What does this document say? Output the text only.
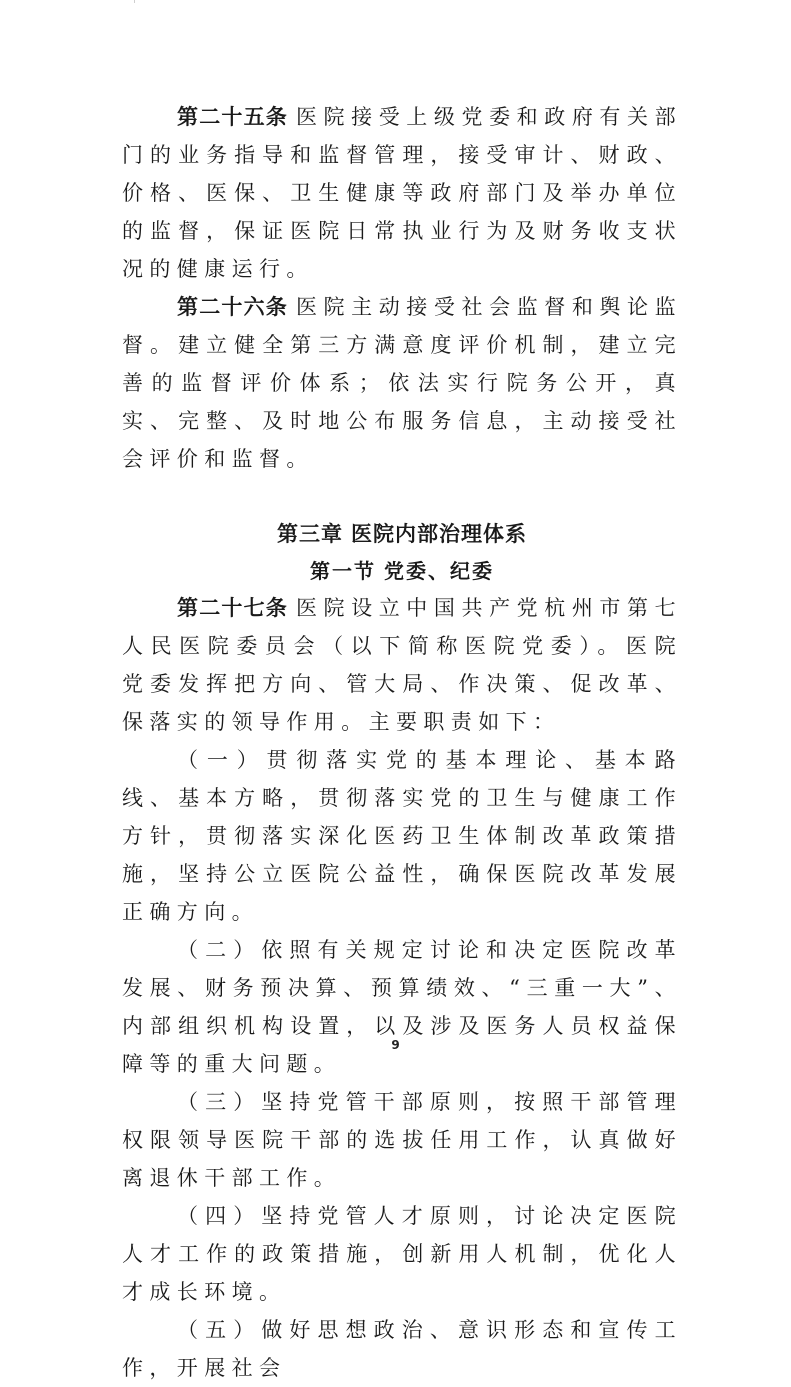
第二十五条 医院接受上级党委和政府有关部门的业务指导和监督管理，接受审计、财政、价格、医保、卫生健康等政府部门及举办单位的监督，保证医院日常执业行为及财务收支状况的健康运行。

第二十六条 医院主动接受社会监督和舆论监督。建立健全第三方满意度评价机制，建立完善的监督评价体系；依法实行院务公开，真实、完整、及时地公布服务信息，主动接受社会评价和监督。

第三章 医院内部治理体系
第一节 党委、纪委

第二十七条 医院设立中国共产党杭州市第七人民医院委员会（以下简称医院党委）。医院党委发挥把方向、管大局、作决策、促改革、保落实的领导作用。主要职责如下：

（一）贯彻落实党的基本理论、基本路线、基本方略，贯彻落实党的卫生与健康工作方针，贯彻落实深化医药卫生体制改革政策措施，坚持公立医院公益性，确保医院改革发展正确方向。

（二）依照有关规定讨论和决定医院改革发展、财务预决算、预算绩效、“三重一大”、内部组织机构设置，以及涉及医务人员权益保障等的重大问题。

（三）坚持党管干部原则，按照干部管理权限领导医院干部的选拔任用工作，认真做好离退休干部工作。

（四）坚持党管人才原则，讨论决定医院人才工作的政策措施，创新用人机制，优化人才成长环境。

（五）做好思想政治、意识形态和宣传工作，开展社会

9
